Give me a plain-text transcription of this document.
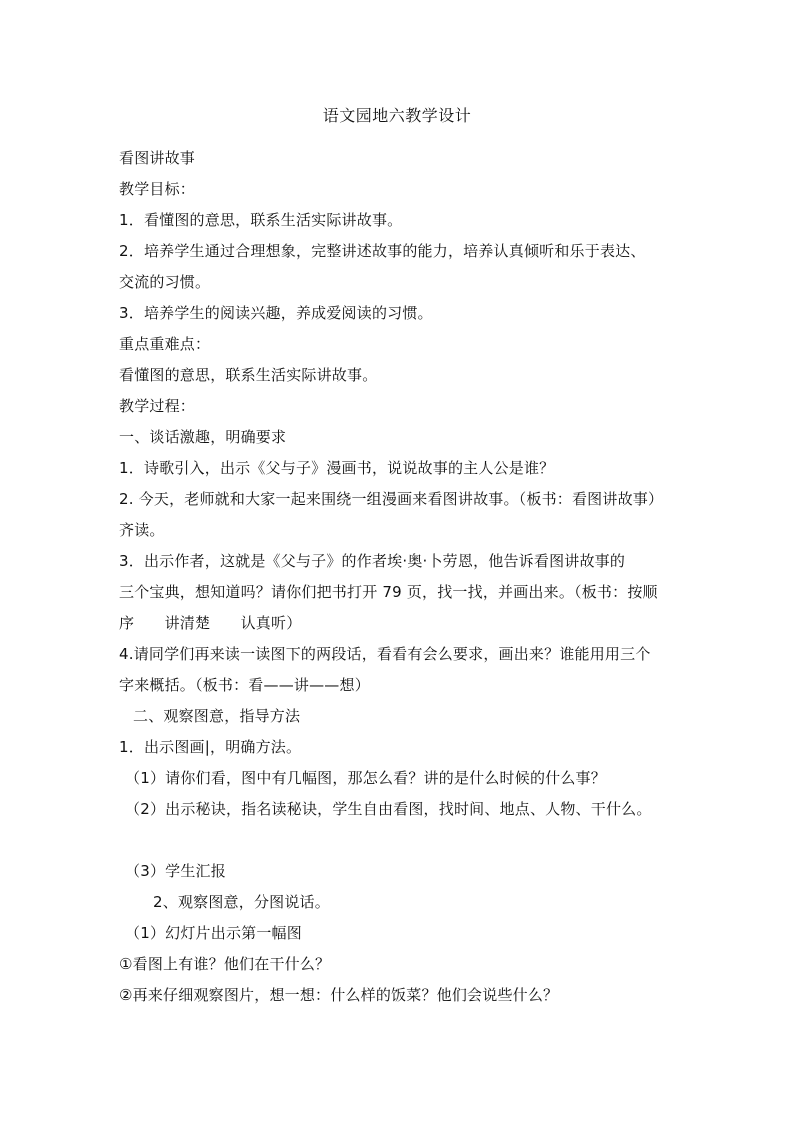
语文园地六教学设计
看图讲故事
教学目标：
1．看懂图的意思，联系生活实际讲故事。
2．培养学生通过合理想象，完整讲述故事的能力，培养认真倾听和乐于表达、
交流的习惯。
3．培养学生的阅读兴趣，养成爱阅读的习惯。
重点重难点：
看懂图的意思，联系生活实际讲故事。
教学过程：
一、谈话激趣，明确要求
1．诗歌引入，出示《父与子》漫画书，说说故事的主人公是谁？
2. 今天，老师就和大家一起来围绕一组漫画来看图讲故事。（板书：看图讲故事）
齐读。
3．出示作者，这就是《父与子》的作者埃·奥·卜劳恩，他告诉看图讲故事的
三个宝典，想知道吗？请你们把书打开 79 页，找一找，并画出来。（板书：按顺
序　　讲清楚　　认真听）
4.请同学们再来读一读图下的两段话，看看有会么要求，画出来？谁能用用三个
字来概括。（板书：看——讲——想）
二、观察图意，指导方法
1．出示图画|，明确方法。
（1）请你们看，图中有几幅图，那怎么看？讲的是什么时候的什么事？
（2）出示秘诀，指名读秘诀，学生自由看图，找时间、地点、人物、干什么。
（3）学生汇报
2、观察图意，分图说话。
（1）幻灯片出示第一幅图
①看图上有谁？他们在干什么？
②再来仔细观察图片，想一想：什么样的饭菜？他们会说些什么？
